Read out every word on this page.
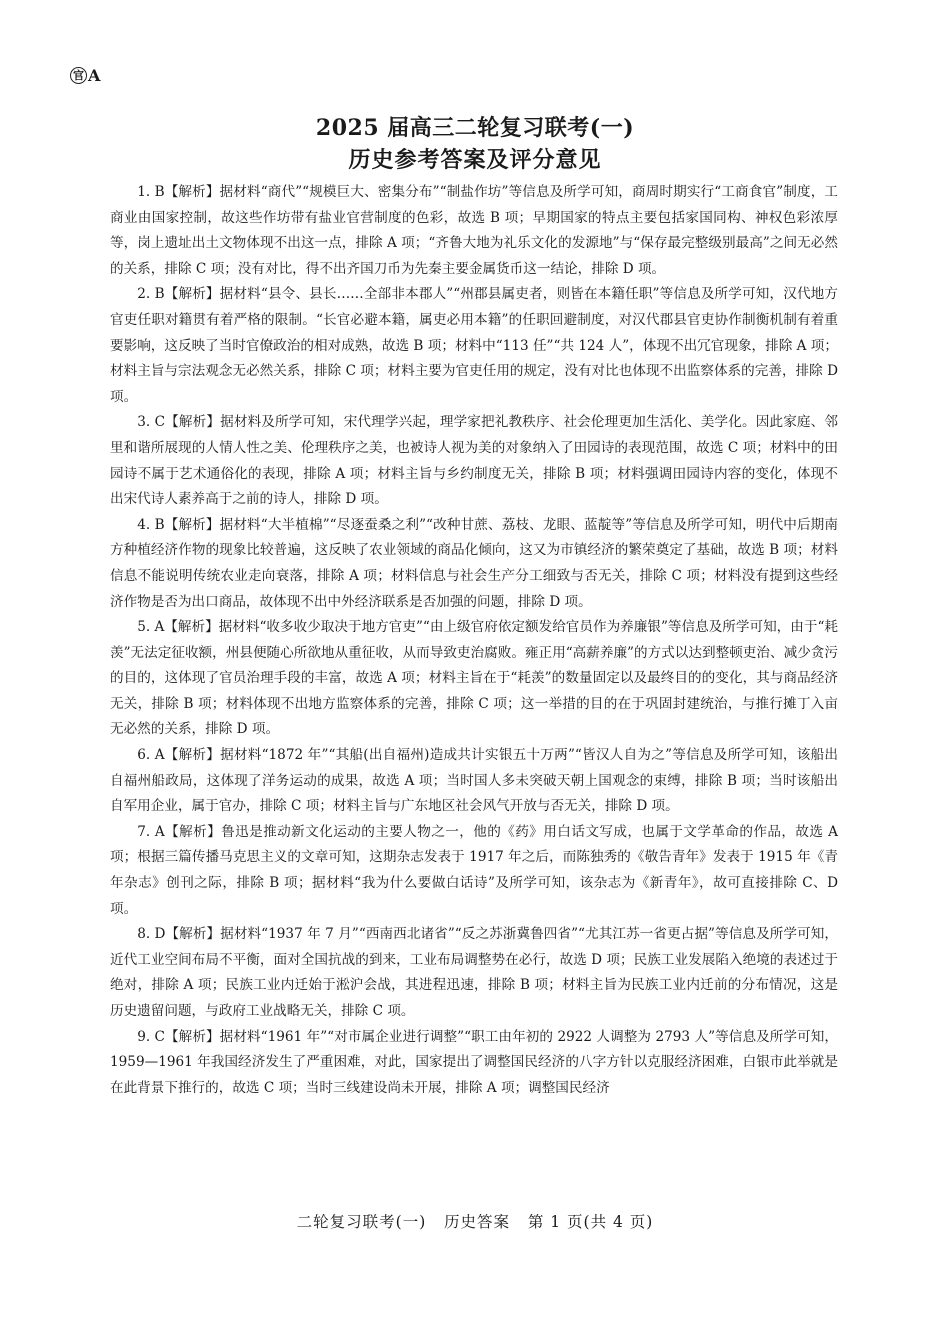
官 A
2025 届高三二轮复习联考(一)
历史参考答案及评分意见

1. B【解析】据材料“商代”“规模巨大、密集分布”“制盐作坊”等信息及所学可知，商周时期实行“工商食官”制度，工商业由国家控制，故这些作坊带有盐业官营制度的色彩，故选 B 项；早期国家的特点主要包括家国同构、神权色彩浓厚等，岗上遗址出土文物体现不出这一点，排除 A 项；“齐鲁大地为礼乐文化的发源地”与“保存最完整级别最高”之间无必然的关系，排除 C 项；没有对比，得不出齐国刀币为先秦主要金属货币这一结论，排除 D 项。

2. B【解析】据材料“县令、县长……全部非本郡人”“州郡县属吏者，则皆在本籍任职”等信息及所学可知，汉代地方官吏任职对籍贯有着严格的限制。“长官必避本籍，属吏必用本籍”的任职回避制度，对汉代郡县官吏协作制衡机制有着重要影响，这反映了当时官僚政治的相对成熟，故选 B 项；材料中“113 任”“共 124 人”，体现不出冗官现象，排除 A 项；材料主旨与宗法观念无必然关系，排除 C 项；材料主要为官吏任用的规定，没有对比也体现不出监察体系的完善，排除 D 项。

3. C【解析】据材料及所学可知，宋代理学兴起，理学家把礼教秩序、社会伦理更加生活化、美学化。因此家庭、邻里和谐所展现的人情人性之美、伦理秩序之美，也被诗人视为美的对象纳入了田园诗的表现范围，故选 C 项；材料中的田园诗不属于艺术通俗化的表现，排除 A 项；材料主旨与乡约制度无关，排除 B 项；材料强调田园诗内容的变化，体现不出宋代诗人素养高于之前的诗人，排除 D 项。

4. B【解析】据材料“大半植棉”“尽逐蚕桑之利”“改种甘蔗、荔枝、龙眼、蓝靛等”等信息及所学可知，明代中后期南方种植经济作物的现象比较普遍，这反映了农业领域的商品化倾向，这又为市镇经济的繁荣奠定了基础，故选 B 项；材料信息不能说明传统农业走向衰落，排除 A 项；材料信息与社会生产分工细致与否无关，排除 C 项；材料没有提到这些经济作物是否为出口商品，故体现不出中外经济联系是否加强的问题，排除 D 项。

5. A【解析】据材料“收多收少取决于地方官吏”“由上级官府依定额发给官员作为养廉银”等信息及所学可知，由于“耗羡”无法定征收额，州县便随心所欲地从重征收，从而导致吏治腐败。雍正用“高薪养廉”的方式以达到整顿吏治、减少贪污的目的，这体现了官员治理手段的丰富，故选 A 项；材料主旨在于“耗羡”的数量固定以及最终目的的变化，其与商品经济无关，排除 B 项；材料体现不出地方监察体系的完善，排除 C 项；这一举措的目的在于巩固封建统治，与推行摊丁入亩无必然的关系，排除 D 项。

6. A【解析】据材料“1872 年”“其船(出自福州)造成共计实银五十万两”“皆汉人自为之”等信息及所学可知，该船出自福州船政局，这体现了洋务运动的成果，故选 A 项；当时国人多未突破天朝上国观念的束缚，排除 B 项；当时该船出自军用企业，属于官办，排除 C 项；材料主旨与广东地区社会风气开放与否无关，排除 D 项。

7. A【解析】鲁迅是推动新文化运动的主要人物之一，他的《药》用白话文写成，也属于文学革命的作品，故选 A 项；根据三篇传播马克思主义的文章可知，这期杂志发表于 1917 年之后，而陈独秀的《敬告青年》发表于 1915 年《青年杂志》创刊之际，排除 B 项；据材料“我为什么要做白话诗”及所学可知，该杂志为《新青年》，故可直接排除 C、D 项。

8. D【解析】据材料“1937 年 7 月”“西南西北诸省”“反之苏浙冀鲁四省”“尤其江苏一省更占据”等信息及所学可知，近代工业空间布局不平衡，面对全国抗战的到来，工业布局调整势在必行，故选 D 项；民族工业发展陷入绝境的表述过于绝对，排除 A 项；民族工业内迁始于淞沪会战，其进程迅速，排除 B 项；材料主旨为民族工业内迁前的分布情况，这是历史遗留问题，与政府工业战略无关，排除 C 项。

9. C【解析】据材料“1961 年”“对市属企业进行调整”“职工由年初的 2922 人调整为 2793 人”等信息及所学可知，1959—1961 年我国经济发生了严重困难，对此，国家提出了调整国民经济的八字方针以克服经济困难，白银市此举就是在此背景下推行的，故选 C 项；当时三线建设尚未开展，排除 A 项；调整国民经济

二轮复习联考(一)   历史答案   第 1 页(共 4 页)
